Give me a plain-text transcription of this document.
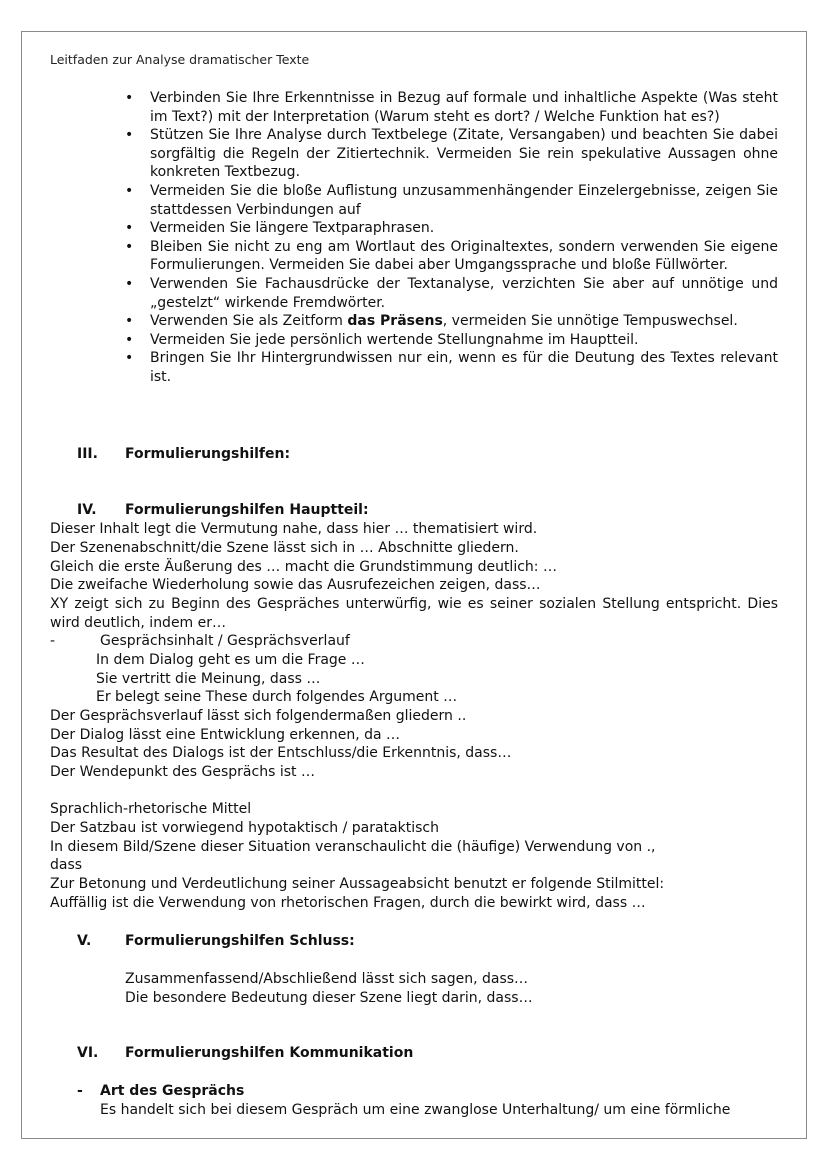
Leitfaden zur Analyse dramatischer Texte
• Verbinden Sie Ihre Erkenntnisse in Bezug auf formale und inhaltliche Aspekte (Was steht im Text?) mit der Interpretation (Warum steht es dort? / Welche Funktion hat es?)
• Stützen Sie Ihre Analyse durch Textbelege (Zitate, Versangaben) und beachten Sie dabei sorgfältig die Regeln der Zitiertechnik. Vermeiden Sie rein spekulative Aussagen ohne konkreten Textbezug.
• Vermeiden Sie die bloße Auflistung unzusammenhängender Einzelergebnisse, zeigen Sie stattdessen Verbindungen auf
• Vermeiden Sie längere Textparaphrasen.
• Bleiben Sie nicht zu eng am Wortlaut des Originaltextes, sondern verwenden Sie eigene Formulierungen. Vermeiden Sie dabei aber Umgangssprache und bloße Füllwörter.
• Verwenden Sie Fachausdrücke der Textanalyse, verzichten Sie aber auf unnötige und „gestelzt“ wirkende Fremdwörter.
• Verwenden Sie als Zeitform das Präsens, vermeiden Sie unnötige Tempuswechsel.
• Vermeiden Sie jede persönlich wertende Stellungnahme im Hauptteil.
• Bringen Sie Ihr Hintergrundwissen nur ein, wenn es für die Deutung des Textes relevant ist.
III. Formulierungshilfen:
IV. Formulierungshilfen Hauptteil:
Dieser Inhalt legt die Vermutung nahe, dass hier … thematisiert wird.
Der Szenenabschnitt/die Szene lässt sich in … Abschnitte gliedern.
Gleich die erste Äußerung des … macht die Grundstimmung deutlich: …
Die zweifache Wiederholung sowie das Ausrufezeichen zeigen, dass…
XY zeigt sich zu Beginn des Gespräches unterwürfig, wie es seiner sozialen Stellung entspricht. Dies
wird deutlich, indem er…
-	Gesprächsinhalt / Gesprächsverlauf
In dem Dialog geht es um die Frage …
Sie vertritt die Meinung, dass …
Er belegt seine These durch folgendes Argument …
Der Gesprächsverlauf lässt sich folgendermaßen gliedern ..
Der Dialog lässt eine Entwicklung erkennen, da …
Das Resultat des Dialogs ist der Entschluss/die Erkenntnis, dass…
Der Wendepunkt des Gesprächs ist …
Sprachlich-rhetorische Mittel
Der Satzbau ist vorwiegend hypotaktisch / parataktisch
In diesem Bild/Szene dieser Situation veranschaulicht die (häufige) Verwendung von .,
dass
Zur Betonung und Verdeutlichung seiner Aussageabsicht benutzt er folgende Stilmittel:
Auffällig ist die Verwendung von rhetorischen Fragen, durch die bewirkt wird, dass …
V. Formulierungshilfen Schluss:
Zusammenfassend/Abschließend lässt sich sagen, dass…
Die besondere Bedeutung dieser Szene liegt darin, dass…
VI. Formulierungshilfen Kommunikation
- Art des Gesprächs
Es handelt sich bei diesem Gespräch um eine zwanglose Unterhaltung/ um eine förmliche
